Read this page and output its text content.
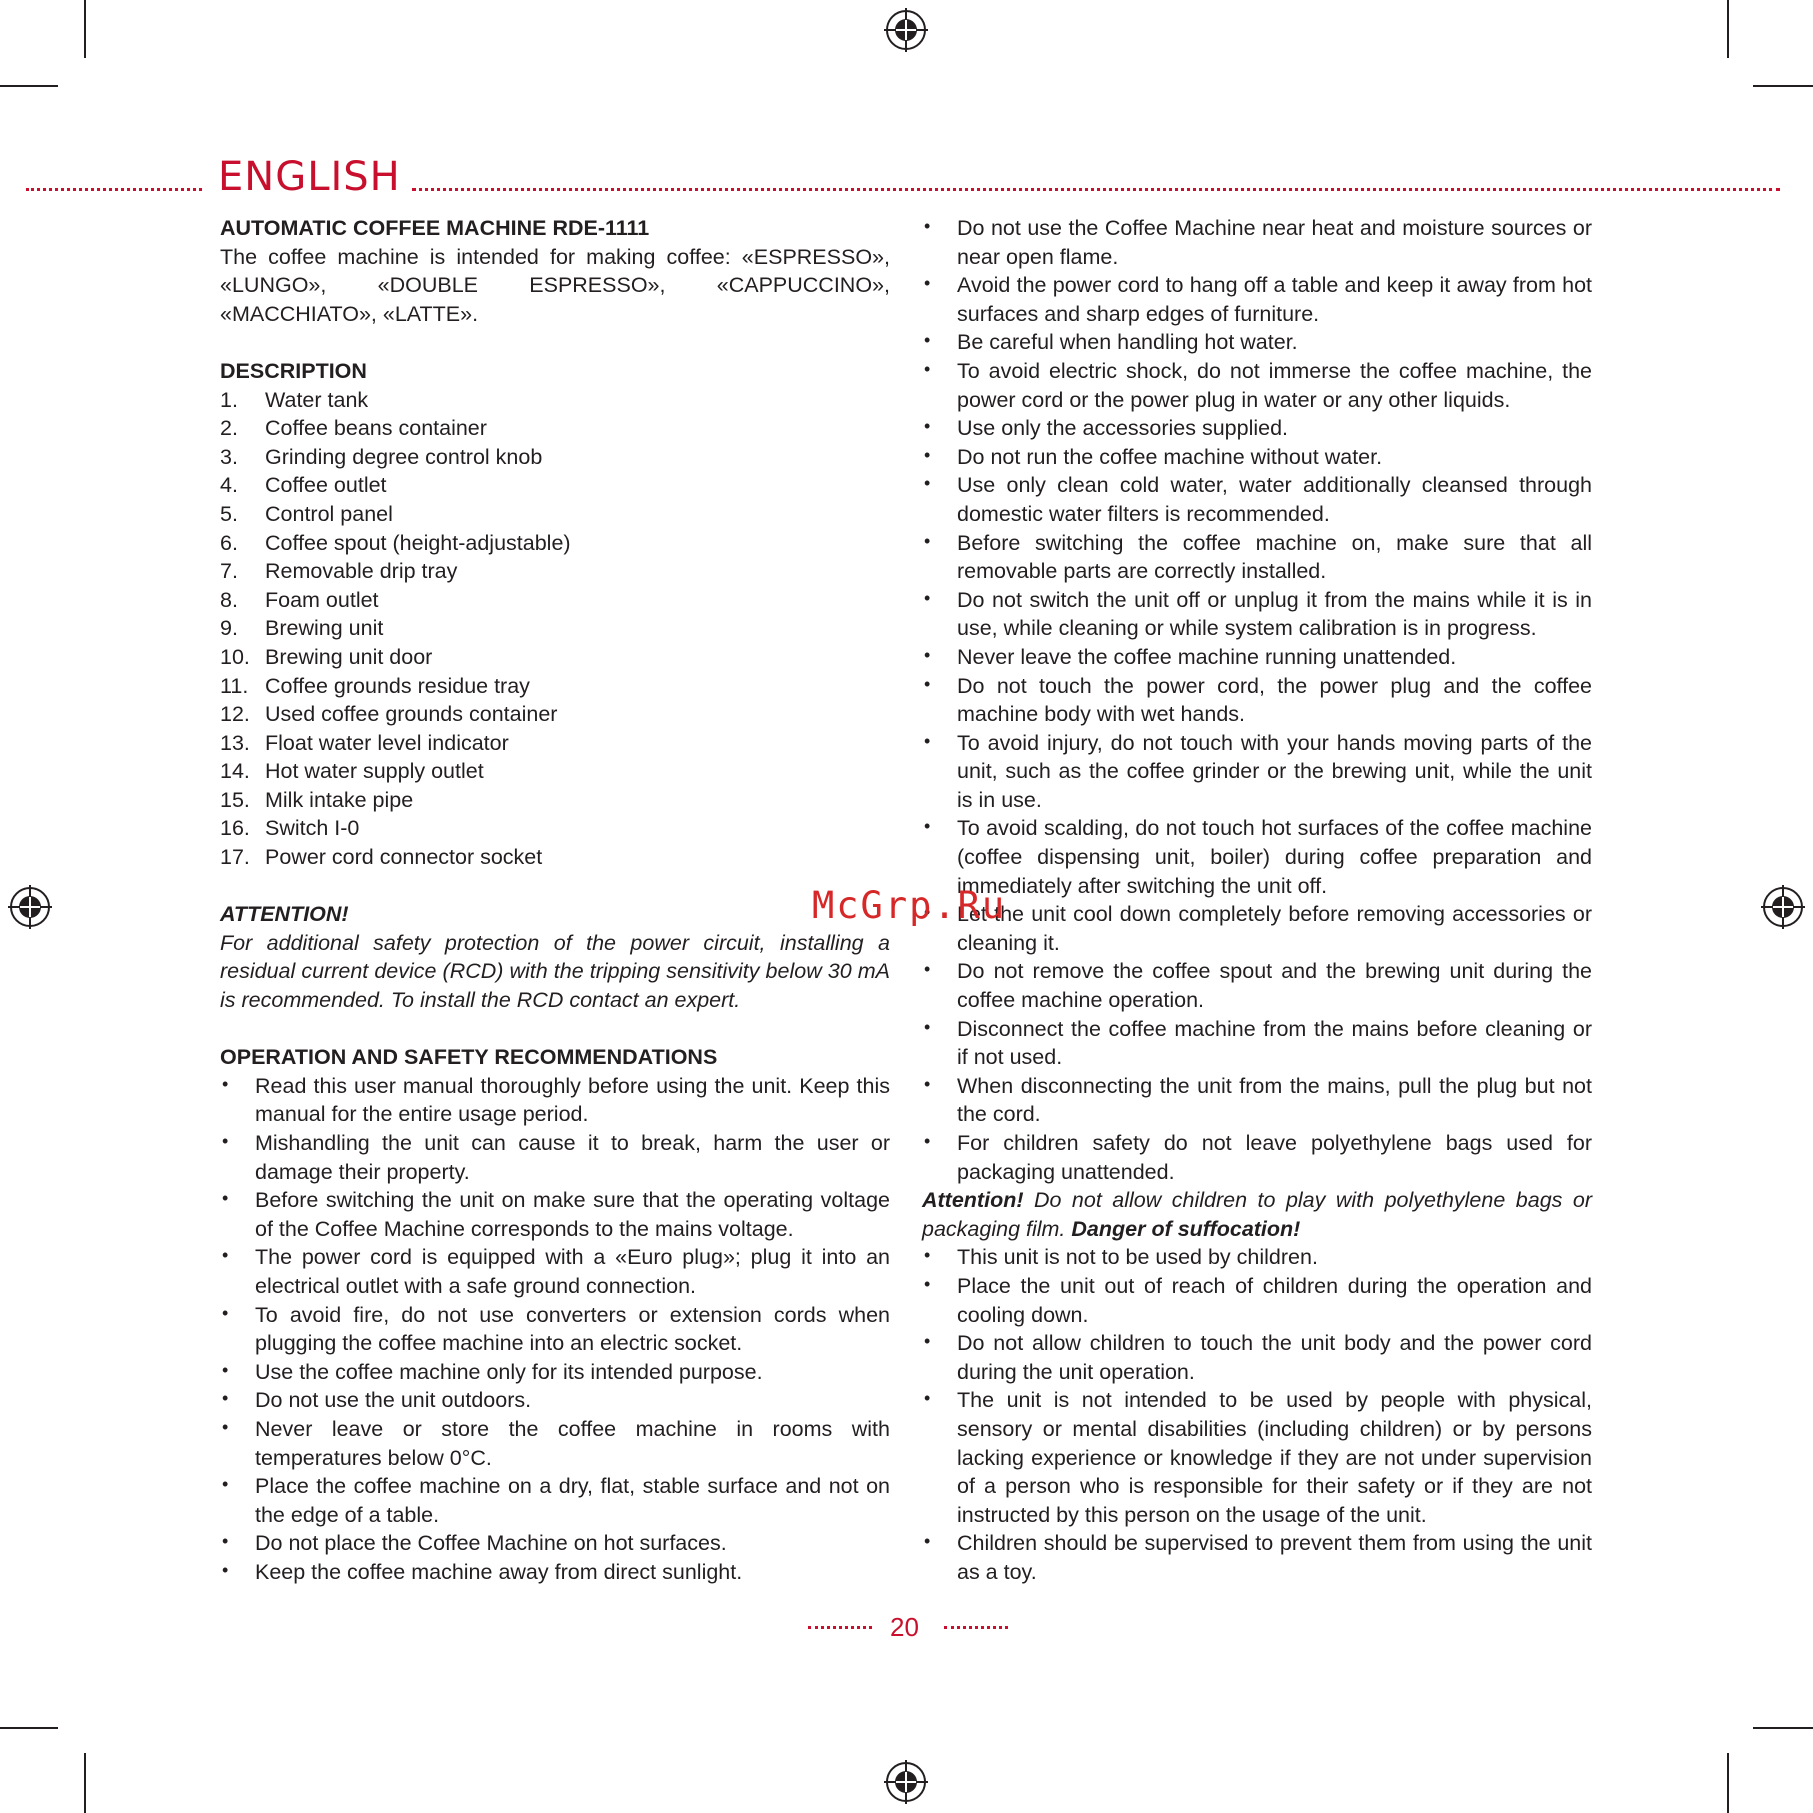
ENGLISH
AUTOMATIC COFFEE MACHINE RDE-1111
The coffee machine is intended for making coffee: «ESPRESSO», «LUNGO», «DOUBLE ESPRESSO», «CAPPUCCINO», «MACCHIATO», «LATTE».
DESCRIPTION
1. Water tank
2. Coffee beans container
3. Grinding degree control knob
4. Coffee outlet
5. Control panel
6. Coffee spout (height-adjustable)
7. Removable drip tray
8. Foam outlet
9. Brewing unit
10. Brewing unit door
11. Coffee grounds residue tray
12. Used coffee grounds container
13. Float water level indicator
14. Hot water supply outlet
15. Milk intake pipe
16. Switch I-0
17. Power cord connector socket
ATTENTION!
For additional safety protection of the power circuit, installing a residual current device (RCD) with the tripping sensitivity below 30 mA is recommended. To install the RCD contact an expert.
OPERATION AND SAFETY RECOMMENDATIONS
• Read this user manual thoroughly before using the unit. Keep this manual for the entire usage period.
• Mishandling the unit can cause it to break, harm the user or damage their property.
• Before switching the unit on make sure that the operating voltage of the Coffee Machine corresponds to the mains voltage.
• The power cord is equipped with a «Euro plug»; plug it into an electrical outlet with a safe ground connection.
• To avoid fire, do not use converters or extension cords when plugging the coffee machine into an electric socket.
• Use the coffee machine only for its intended purpose.
• Do not use the unit outdoors.
• Never leave or store the coffee machine in rooms with temperatures below 0°C.
• Place the coffee machine on a dry, flat, stable surface and not on the edge of a table.
• Do not place the Coffee Machine on hot surfaces.
• Keep the coffee machine away from direct sunlight.
• Do not use the Coffee Machine near heat and moisture sources or near open flame.
• Avoid the power cord to hang off a table and keep it away from hot surfaces and sharp edges of furniture.
• Be careful when handling hot water.
• To avoid electric shock, do not immerse the coffee machine, the power cord or the power plug in water or any other liquids.
• Use only the accessories supplied.
• Do not run the coffee machine without water.
• Use only clean cold water, water additionally cleansed through domestic water filters is recommended.
• Before switching the coffee machine on, make sure that all removable parts are correctly installed.
• Do not switch the unit off or unplug it from the mains while it is in use, while cleaning or while system calibration is in progress.
• Never leave the coffee machine running unattended.
• Do not touch the power cord, the power plug and the coffee machine body with wet hands.
• To avoid injury, do not touch with your hands moving parts of the unit, such as the coffee grinder or the brewing unit, while the unit is in use.
• To avoid scalding, do not touch hot surfaces of the coffee machine (coffee dispensing unit, boiler) during coffee preparation and immediately after switching the unit off.
• Let the unit cool down completely before removing accessories or cleaning it.
• Do not remove the coffee spout and the brewing unit during the coffee machine operation.
• Disconnect the coffee machine from the mains before cleaning or if not used.
• When disconnecting the unit from the mains, pull the plug but not the cord.
• For children safety do not leave polyethylene bags used for packaging unattended.
Attention! Do not allow children to play with polyethylene bags or packaging film. Danger of suffocation!
• This unit is not to be used by children.
• Place the unit out of reach of children during the operation and cooling down.
• Do not allow children to touch the unit body and the power cord during the unit operation.
• The unit is not intended to be used by people with physical, sensory or mental disabilities (including children) or by persons lacking experience or knowledge if they are not under supervision of a person who is responsible for their safety or if they are not instructed by this person on the usage of the unit.
• Children should be supervised to prevent them from using the unit as a toy.
McGrp.Ru
20
